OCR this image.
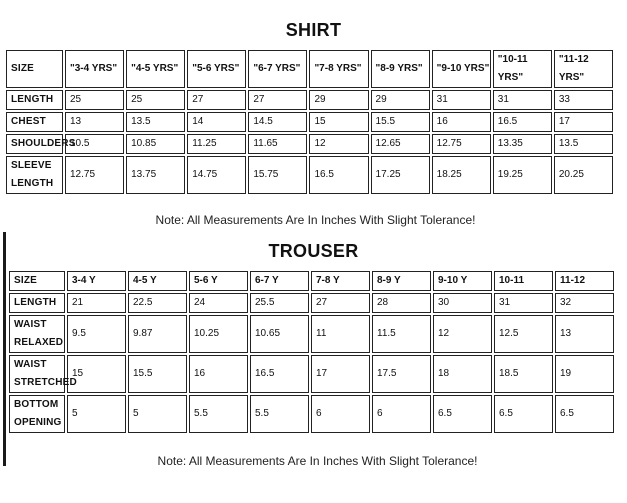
SHIRT
SIZE	"3-4 YRS"	"4-5 YRS"	"5-6 YRS"	"6-7 YRS"	"7-8 YRS"	"8-9 YRS"	"9-10 YRS"	"10-11 YRS"	"11-12 YRS"
LENGTH	25	25	27	27	29	29	31	31	33
CHEST	13	13.5	14	14.5	15	15.5	16	16.5	17
SHOULDERS	10.5	10.85	11.25	11.65	12	12.65	12.75	13.35	13.5
SLEEVE LENGTH	12.75	13.75	14.75	15.75	16.5	17.25	18.25	19.25	20.25
Note: All Measurements Are In Inches With Slight Tolerance!
TROUSER
SIZE	3-4 Y	4-5 Y	5-6 Y	6-7 Y	7-8 Y	8-9 Y	9-10 Y	10-11	11-12
LENGTH	21	22.5	24	25.5	27	28	30	31	32
WAIST RELAXED	9.5	9.87	10.25	10.65	11	11.5	12	12.5	13
WAIST STRETCHED	15	15.5	16	16.5	17	17.5	18	18.5	19
BOTTOM OPENING	5	5	5.5	5.5	6	6	6.5	6.5	6.5
Note: All Measurements Are In Inches With Slight Tolerance!
